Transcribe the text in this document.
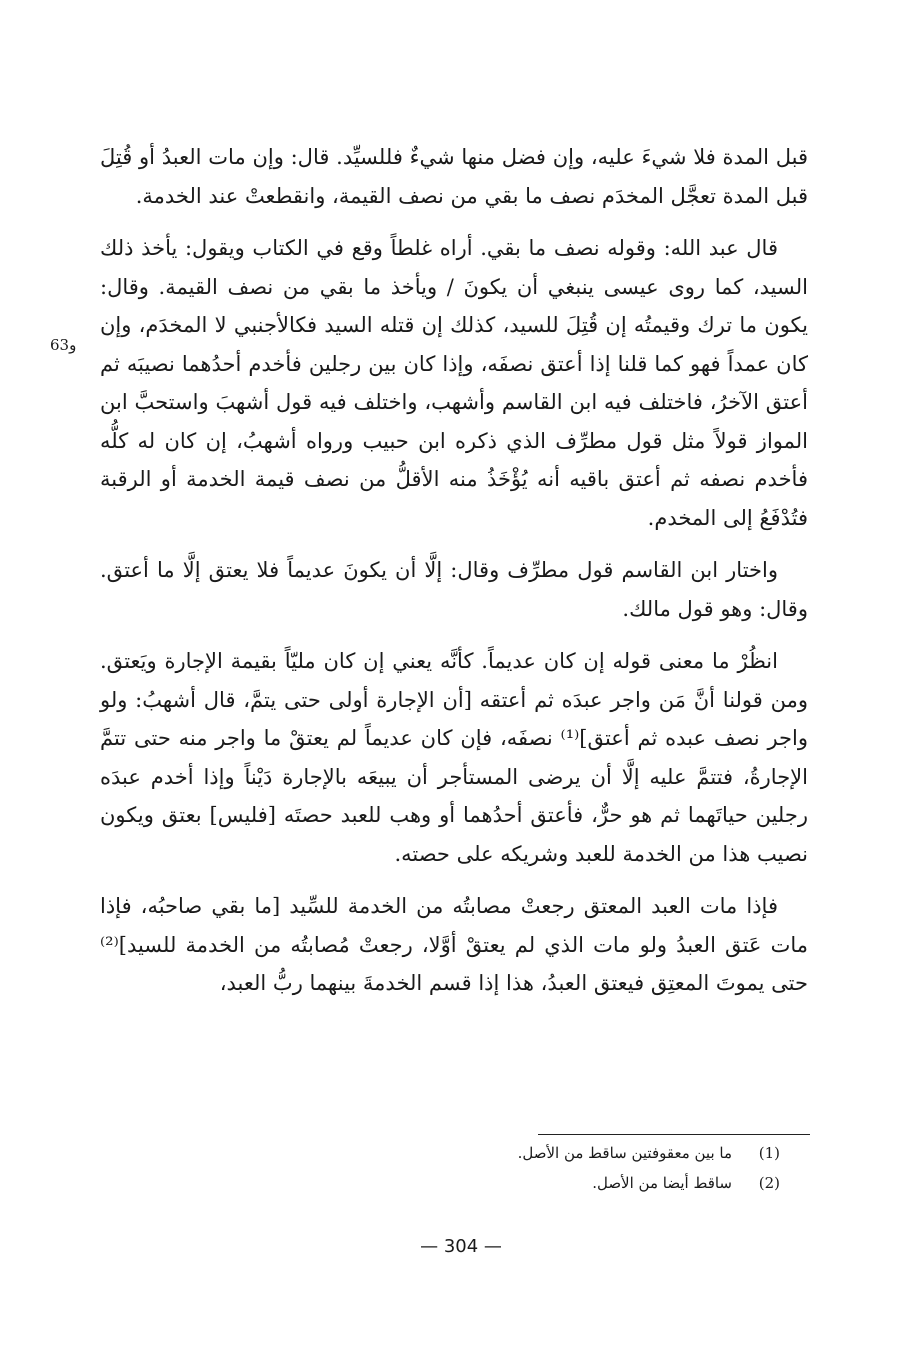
قبل المدة فلا شيءَ عليه، وإن فضل منها شيءٌ فللسيِّد. قال: وإن مات العبدُ أو قُتِلَ قبل المدة تعجَّل المخدَم نصف ما بقي من نصف القيمة، وانقطعتْ عند الخدمة.

قال عبد الله: وقوله نصف ما بقي. أراه غلطاً وقع في الكتاب ويقول: يأخذ ذلك السيد، كما روى عيسى ينبغي أن يكونَ / ويأخذ ما بقي من نصف القيمة. وقال: يكون ما ترك وقيمتُه إن قُتِلَ للسيد، كذلك إن قتله السيد فكالأجنبي لا المخدَم، وإن كان عمداً فهو كما قلنا إذا أعتق نصفَه، وإذا كان بين رجلين فأخدم أحدُهما نصيبَه ثم أعتق الآخرُ، فاختلف فيه ابن القاسم وأشهب، واختلف فيه قول أشهبَ واستحبَّ ابن المواز قولاً مثل قول مطرِّف الذي ذكره ابن حبيب ورواه أشهبُ، إن كان له كلُّه فأخدم نصفه ثم أعتق باقيه أنه يُؤْخَذُ منه الأقلُّ من نصف قيمة الخدمة أو الرقبة فتُدْفَعُ إلى المخدم.

واختار ابن القاسم قول مطرِّف وقال: إلَّا أن يكونَ عديماً فلا يعتق إلَّا ما أعتق. وقال: وهو قول مالك.

انظُرْ ما معنى قوله إن كان عديماً. كأنَّه يعني إن كان مليّاً بقيمة الإجارة ويَعتق. ومن قولنا أنَّ مَن واجر عبدَه ثم أعتقه [أن الإجارة أولى حتى يتمَّ، قال أشهبُ: ولو واجر نصف عبده ثم أعتق]⁽¹⁾ نصفَه، فإن كان عديماً لم يعتقْ ما واجر منه حتى تتمَّ الإجارةُ، فتتمَّ عليه إلَّا أن يرضى المستأجر أن يبيعَه بالإجارة دَيْناً وإذا أخدم عبدَه رجلين حياتَهما ثم هو حرٌّ، فأعتق أحدُهما أو وهب للعبد حصتَه [فليس] بعتق ويكون نصيب هذا من الخدمة للعبد وشريكه على حصته.

فإذا مات العبد المعتق رجعتْ مصابتُه من الخدمة للسِّيد [ما بقي صاحبُه، فإذا مات عَتق العبدُ ولو مات الذي لم يعتقْ أوَّلا، رجعتْ مُصابتُه من الخدمة للسيد]⁽²⁾ حتى يموتَ المعتِق فيعتق العبدُ، هذا إذا قسم الخدمةَ بينهما ربُّ العبد،

و63
(1)
ما بين معقوفتين ساقط من الأصل.
(2)
ساقط أيضا من الأصل.
— 304 —
